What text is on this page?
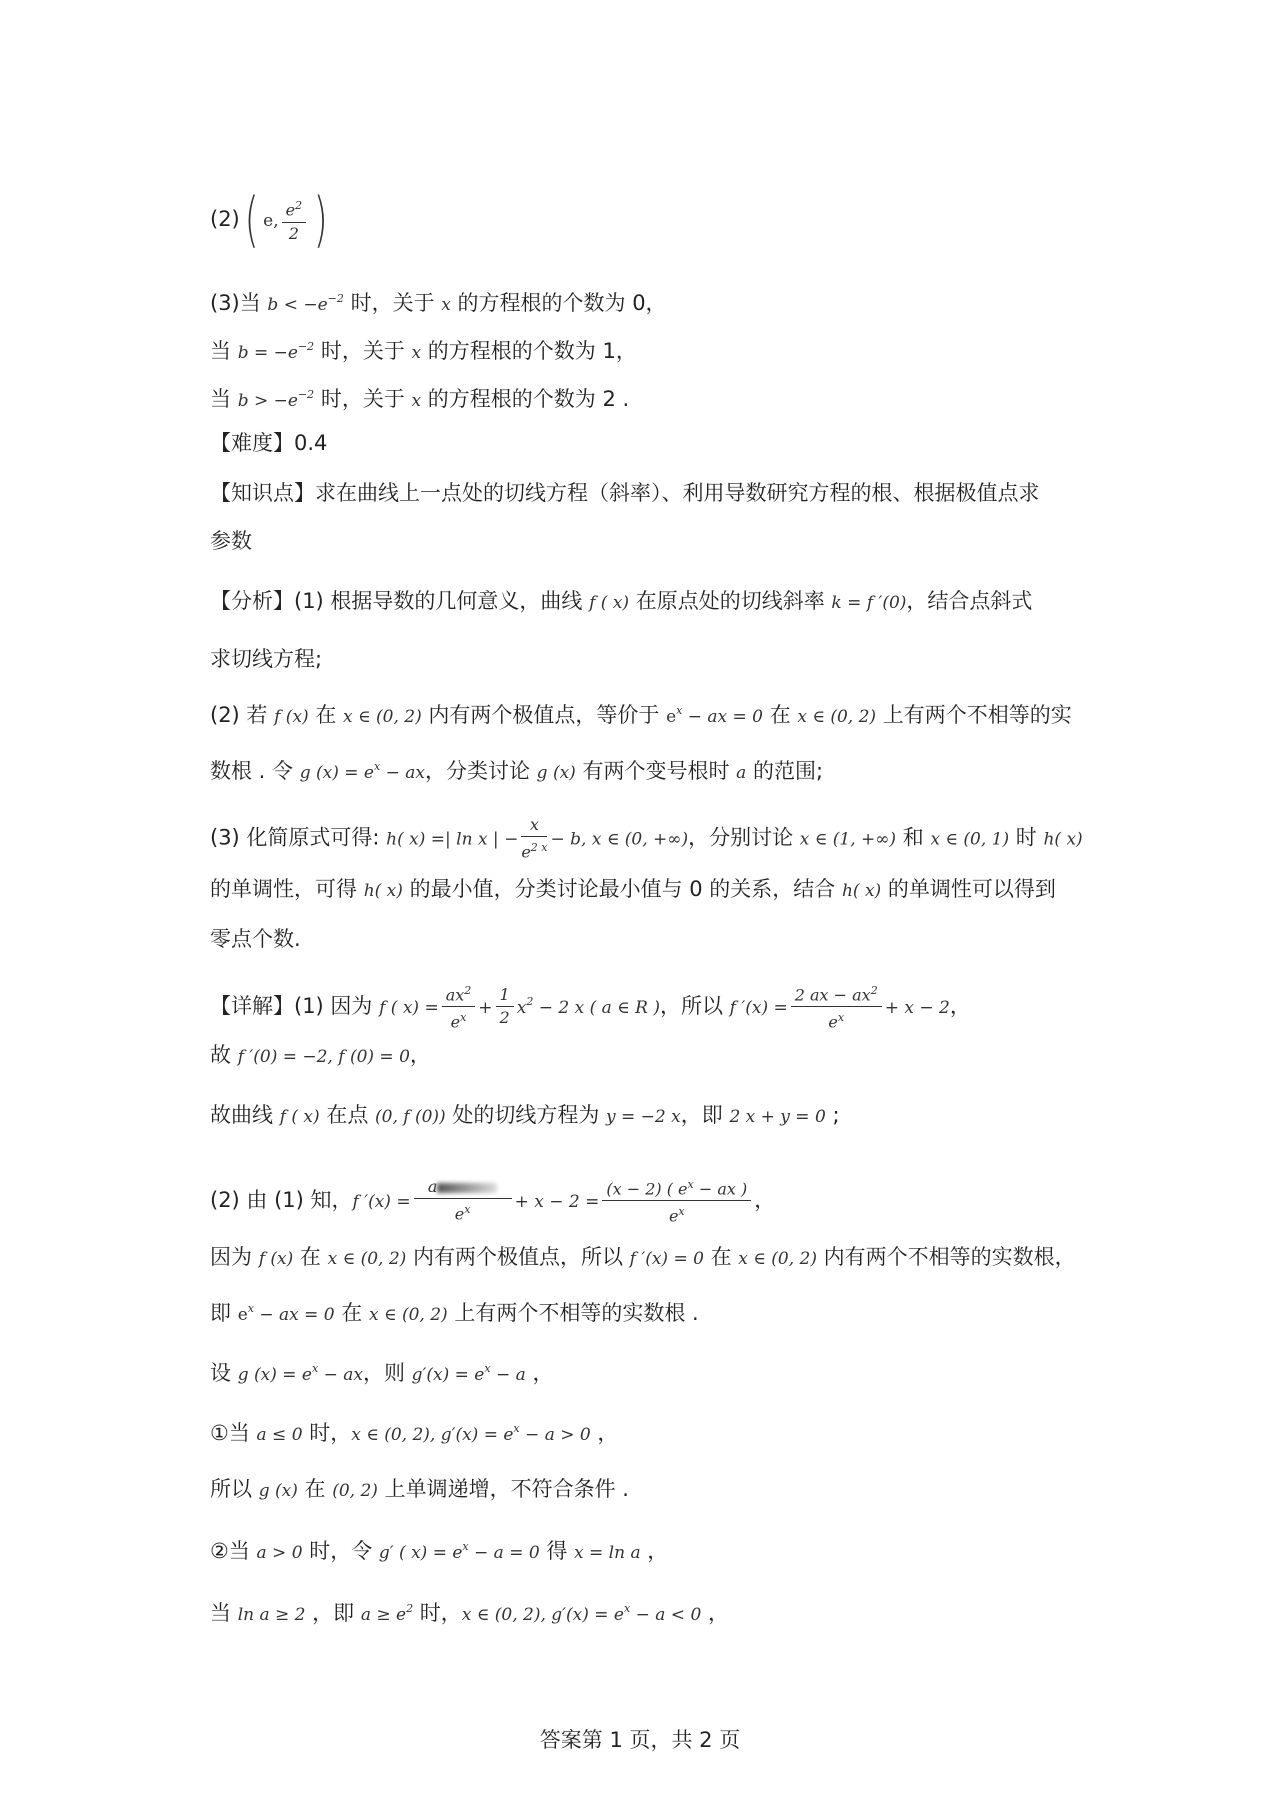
(2)( e, $\frac{e^2}{2}$ )
(3)当 $b < -e^{-2}$ 时，关于 x 的方程根的个数为 0，
当 $b = -e^{-2}$ 时，关于 x 的方程根的个数为 1，
当 $b > -e^{-2}$ 时，关于 x 的方程根的个数为 2 .
【难度】0.4
【知识点】求在曲线上一点处的切线方程（斜率）、利用导数研究方程的根、根据极值点求
参数
【分析】(1) 根据导数的几何意义，曲线 f ( x) 在原点处的切线斜率 k = f ′(0)，结合点斜式
求切线方程;
(2) 若 f (x) 在 x ∈ (0, 2) 内有两个极值点，等价于 $e^x$ − ax = 0 在 x ∈ (0, 2) 上有两个不相等的实
数根 . 令 g $(x) = e^x$ − ax，分类讨论 g (x) 有两个变号根时 a 的范围;
(3) 化简原式可得: h( x) =| ln x | − $\frac{x}{e^{2 x}} - b$, x ∈ (0, +∞)，分别讨论 x ∈ (1, +∞) 和 x ∈ (0, 1) 时 h( x)
的单调性，可得 h( x) 的最小值，分类讨论最小值与 0 的关系，结合 h( x) 的单调性可以得到
零点个数.
【详解】(1) 因为 f ( $x) = \frac{ax^2}{e^x} + \frac{1}{2} x^2 - 2$ x ( a ∈ R )，所以 f $'(x) = \frac{2 ax - ax^2}{e^x} + x - 2$，
故 f ′(0) = −2, f (0) = 0，
故曲线 f ( x) 在点 (0, f (0)) 处的切线方程为 y = −2 x，即 2 x + y = 0 ;
(2) 由 (1) 知，f $'(x) = \frac{a}{e^x} + x - 2 = \frac{(x - 2) ( e^x - ax )}{e^x}$ ，
因为 f (x) 在 x ∈ (0, 2) 内有两个极值点，所以 f ′(x) = 0 在 x ∈ (0, 2) 内有两个不相等的实数根，
即 $e^x$ − ax = 0 在 x ∈ (0, 2) 上有两个不相等的实数根 .
设 g $(x) = e^x$ − ax，则 $g'(x) = e^x - a$ ，
①当 a ≤ 0 时，x ∈ (0, 2), $g'(x) = e^x - a > 0$ ，
所以 g (x) 在 (0, 2) 上单调递增，不符合条件 .
②当 a > 0 时，令 g′ ( $x) = e^x - a = 0$ 得 x = ln a ，
当 ln a ≥ 2 ，即 $a \ge e^2$ 时，x ∈ (0, 2), $g'(x) = e^x - a < 0$ ，
答案第 1 页，共 2 页
